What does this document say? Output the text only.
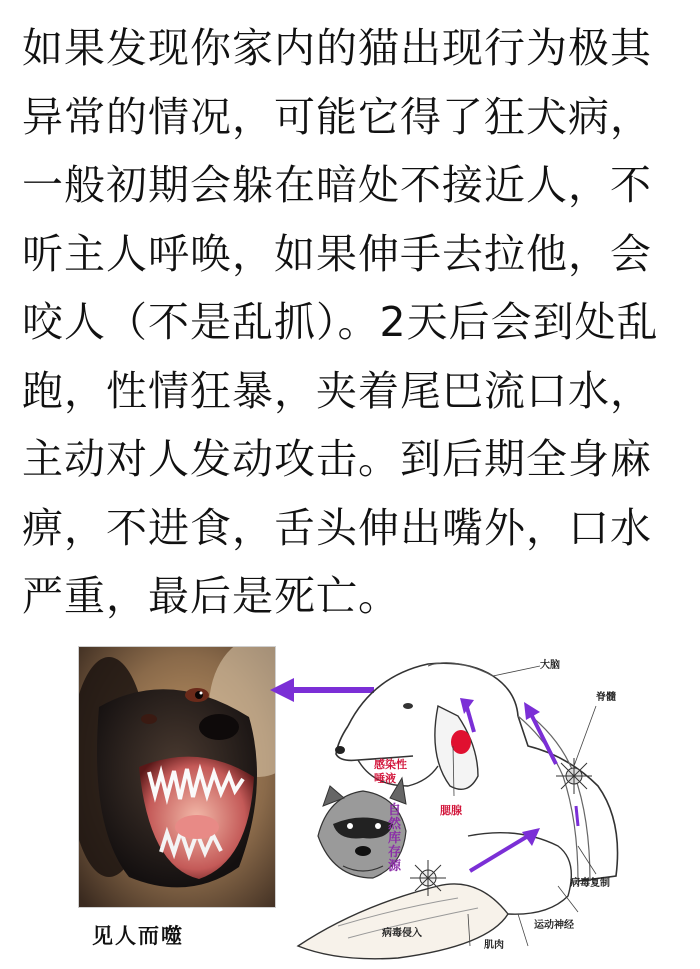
如果发现你家内的猫出现行为极其
异常的情况，可能它得了狂犬病，
一般初期会躲在暗处不接近人，不
听主人呼唤，如果伸手去拉他，会
咬人（不是乱抓）。2天后会到处乱
跑，性情狂暴，夹着尾巴流口水，
主动对人发动攻击。到后期全身麻
痹，不进食，舌头伸出嘴外，口水
严重，最后是死亡。
见人而噬
大脑
脊髓
感染性唾液
腮腺
自然库存源
病毒复制
运动神经
病毒侵入
肌肉
